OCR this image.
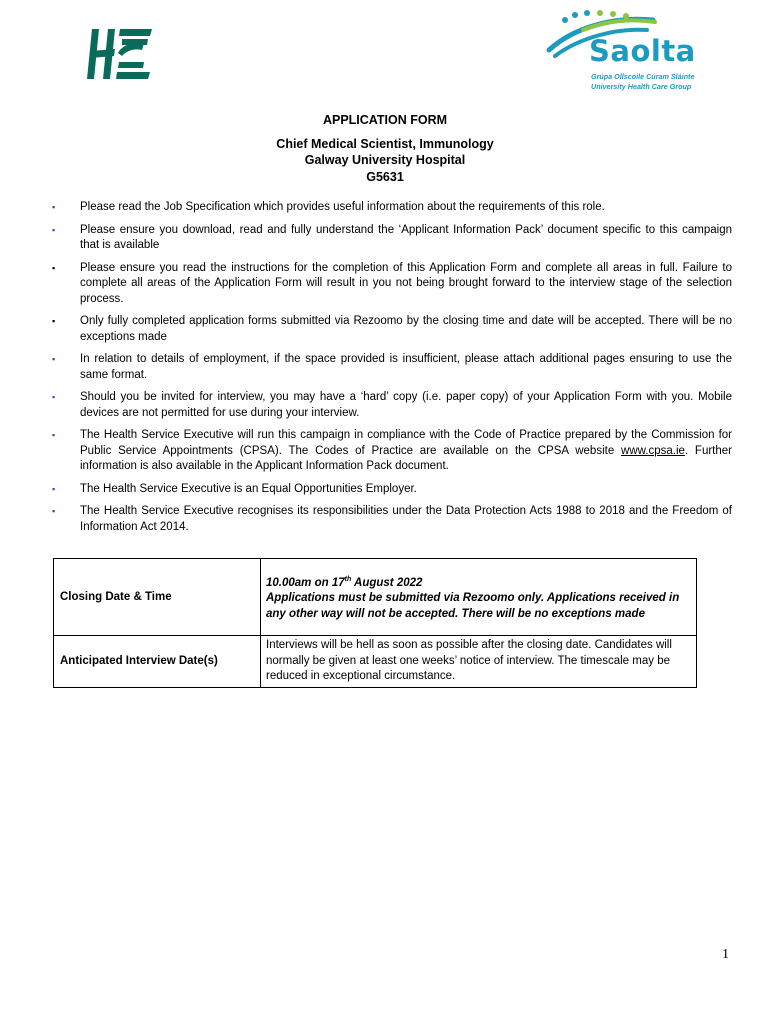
Saolta
Grúpa Ollscoile Cúram Sláinte
University Health Care Group
APPLICATION FORM
Chief Medical Scientist, Immunology
Galway University Hospital
G5631
▪ Please read the Job Specification which provides useful information about the requirements of this role.
▪ Please ensure you download, read and fully understand the ‘Applicant Information Pack’ document specific to this campaign that is available
▪ Please ensure you read the instructions for the completion of this Application Form and complete all areas in full. Failure to complete all areas of the Application Form will result in you not being brought forward to the interview stage of the selection process.
▪ Only fully completed application forms submitted via Rezoomo by the closing time and date will be accepted. There will be no exceptions made
▪ In relation to details of employment, if the space provided is insufficient, please attach additional pages ensuring to use the same format.
▪ Should you be invited for interview, you may have a ‘hard’ copy (i.e. paper copy) of your Application Form with you. Mobile devices are not permitted for use during your interview.
▪ The Health Service Executive will run this campaign in compliance with the Code of Practice prepared by the Commission for Public Service Appointments (CPSA). The Codes of Practice are available on the CPSA website www.cpsa.ie. Further information is also available in the Applicant Information Pack document.
▪ The Health Service Executive is an Equal Opportunities Employer.
▪ The Health Service Executive recognises its responsibilities under the Data Protection Acts 1988 to 2018 and the Freedom of Information Act 2014.
Closing Date & Time	10.00am on 17th August 2022
Applications must be submitted via Rezoomo only. Applications received in any other way will not be accepted. There will be no exceptions made
Anticipated Interview Date(s)	Interviews will be hell as soon as possible after the closing date. Candidates will normally be given at least one weeks’ notice of interview. The timescale may be reduced in exceptional circumstance.
1
